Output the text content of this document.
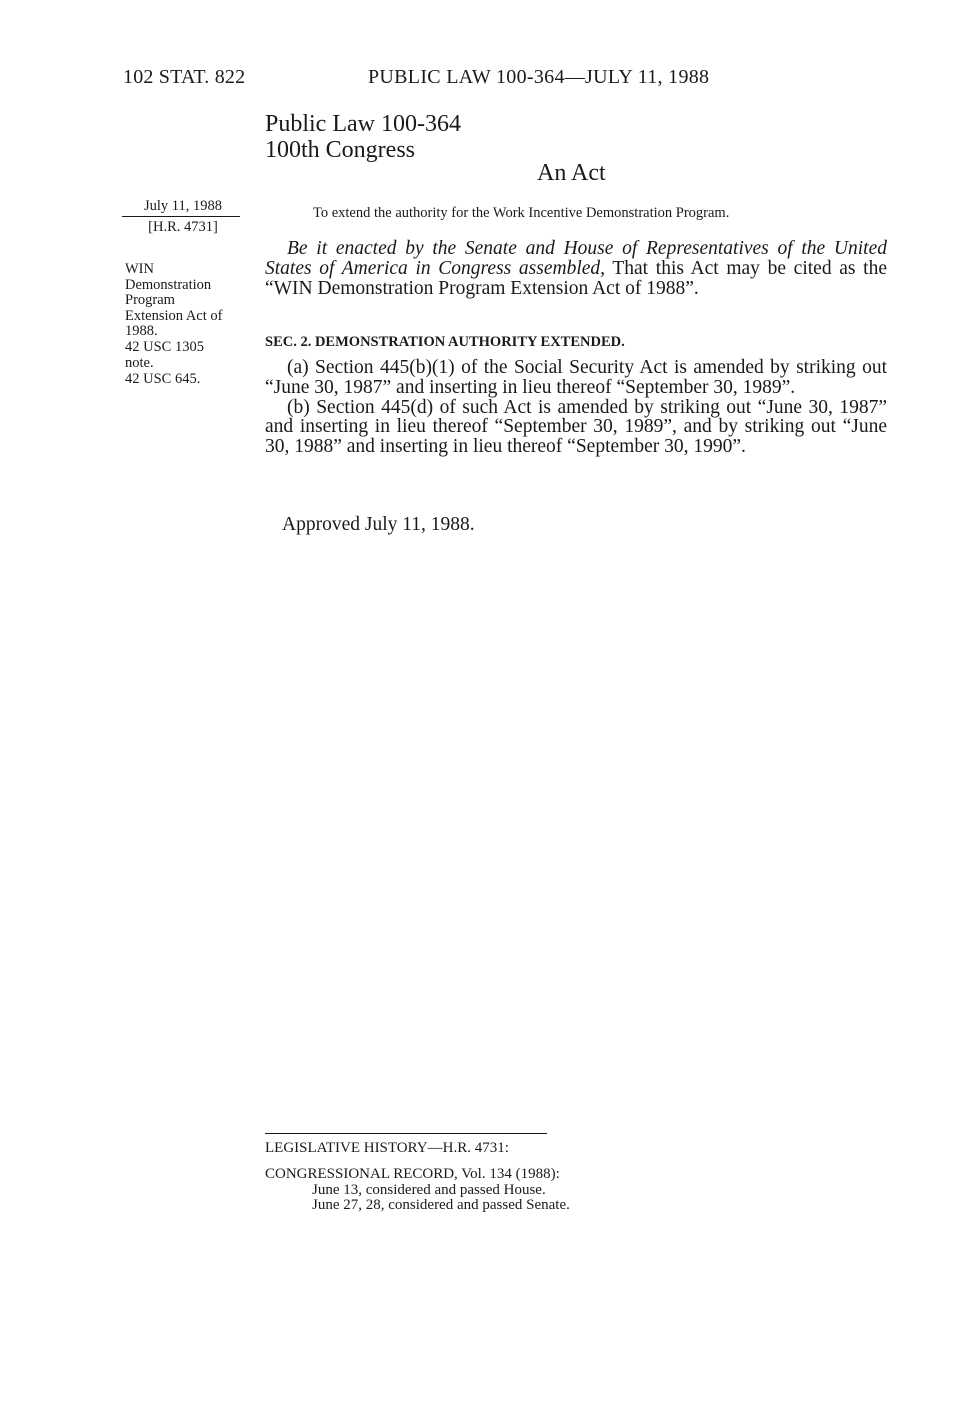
102 STAT. 822	PUBLIC LAW 100-364—JULY 11, 1988
Public Law 100-364
100th Congress
An Act
July 11, 1988
[H.R. 4731]
WIN
Demonstration
Program
Extension Act of
1988.
42 USC 1305
note.
42 USC 645.
To extend the authority for the Work Incentive Demonstration Program.

Be it enacted by the Senate and House of Representatives of the United States of America in Congress assembled, That this Act may be cited as the “WIN Demonstration Program Extension Act of 1988”.

SEC. 2. DEMONSTRATION AUTHORITY EXTENDED.

(a) Section 445(b)(1) of the Social Security Act is amended by striking out “June 30, 1987” and inserting in lieu thereof “September 30, 1989”.

(b) Section 445(d) of such Act is amended by striking out “June 30, 1987” and inserting in lieu thereof “September 30, 1989”, and by striking out “June 30, 1988” and inserting in lieu thereof “September 30, 1990”.

Approved July 11, 1988.
LEGISLATIVE HISTORY—H.R. 4731:
CONGRESSIONAL RECORD, Vol. 134 (1988):
June 13, considered and passed House.
June 27, 28, considered and passed Senate.
